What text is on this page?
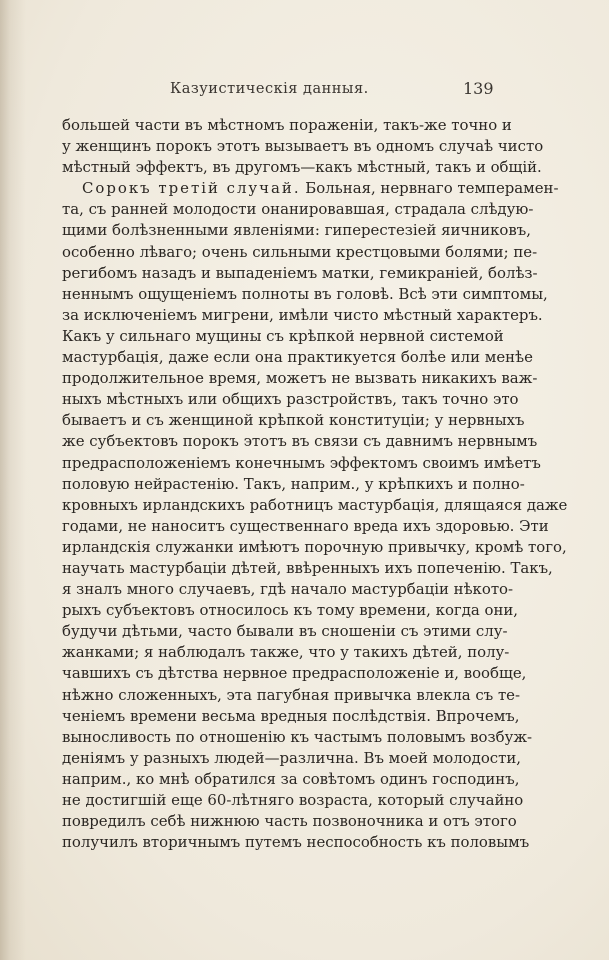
Казуистическія данныя.	139
большей части въ мѣстномъ пораженіи, такъ-же точно и
у женщинъ порокъ этотъ вызываетъ въ одномъ случаѣ чисто
мѣстный эффектъ, въ другомъ—какъ мѣстный, такъ и общій.
Сорокъ третій случай. Больная, нервнаго темперамен-
та, съ ранней молодости онанировавшая, страдала слѣдую-
щими болѣзненными явленіями: гиперестезіей яичниковъ,
особенно лѣваго; очень сильными крестцовыми болями; пе-
регибомъ назадъ и выпаденіемъ матки, гемикраніей, болѣз-
неннымъ ощущеніемъ полноты въ головѣ. Всѣ эти симптомы,
за исключеніемъ мигрени, имѣли чисто мѣстный характеръ.
Какъ у сильнаго мущины съ крѣпкой нервной системой
мастурбація, даже если она практикуется болѣе или менѣе
продолжительное время, можетъ не вызвать никакихъ важ-
ныхъ мѣстныхъ или общихъ разстройствъ, такъ точно это
бываетъ и съ женщиной крѣпкой конституціи; у нервныхъ
же субъектовъ порокъ этотъ въ связи съ давнимъ нервнымъ
предрасположеніемъ конечнымъ эффектомъ своимъ имѣетъ
половую нейрастенію. Такъ, наприм., у крѣпкихъ и полно-
кровныхъ ирландскихъ работницъ мастурбація, длящаяся даже
годами, не наноситъ существеннаго вреда ихъ здоровью. Эти
ирландскія служанки имѣютъ порочную привычку, кромѣ того,
научать мастурбаціи дѣтей, ввѣренныхъ ихъ попеченію. Такъ,
я зналъ много случаевъ, гдѣ начало мастурбаціи нѣкото-
рыхъ субъектовъ относилось къ тому времени, когда они,
будучи дѣтьми, часто бывали въ сношеніи съ этими слу-
жанками; я наблюдалъ также, что у такихъ дѣтей, полу-
чавшихъ съ дѣтства нервное предрасположеніе и, вообще,
нѣжно сложенныхъ, эта пагубная привычка влекла съ те-
ченіемъ времени весьма вредныя послѣдствія. Впрочемъ,
выносливость по отношенію къ частымъ половымъ возбуж-
деніямъ у разныхъ людей—различна. Въ моей молодости,
наприм., ко мнѣ обратился за совѣтомъ одинъ господинъ,
не достигшій еще 60-лѣтняго возраста, который случайно
повредилъ себѣ нижнюю часть позвоночника и отъ этого
получилъ вторичнымъ путемъ неспособность къ половымъ
